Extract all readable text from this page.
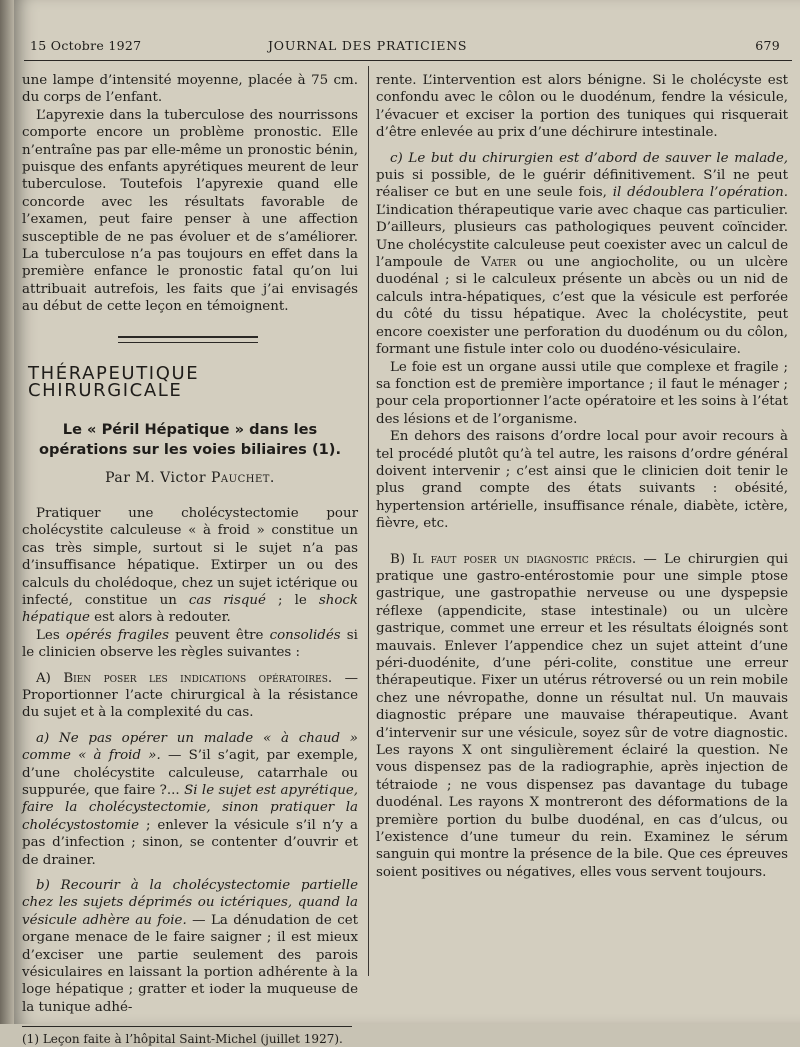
15 Octobre 1927	JOURNAL DES PRATICIENS	679

une lampe d’intensité moyenne, placée à 75 cm. du corps de l’enfant.

L’apyrexie dans la tuberculose des nourrissons comporte encore un problème pronostic. Elle n’entraîne pas par elle-même un pronostic bénin, puisque des enfants apyrétiques meurent de leur tuberculose. Toutefois l’apyrexie quand elle concorde avec les résultats favorable de l’examen, peut faire penser à une affection susceptible de ne pas évoluer et de s’améliorer. La tuberculose n’a pas toujours en effet dans la première enfance le pronostic fatal qu’on lui attribuait autrefois, les faits que j’ai envisagés au début de cette leçon en témoignent.

THÉRAPEUTIQUE CHIRURGICALE
Le « Péril Hépatique » dans les opérations sur les voies biliaires (1).
Par M. Victor Pauchet.

Pratiquer une cholécystectomie pour cholécystite calculeuse « à froid » constitue un cas très simple, surtout si le sujet n’a pas d’insuffisance hépatique. Extirper un ou des calculs du cholédoque, chez un sujet ictérique ou infecté, constitue un cas risqué ; le shock hépatique est alors à redouter.

Les opérés fragiles peuvent être consolidés si le clinicien observe les règles suivantes :

A) Bien poser les indications opératoires. — Proportionner l’acte chirurgical à la résistance du sujet et à la complexité du cas.

a) Ne pas opérer un malade « à chaud » comme « à froid ». — S’il s’agit, par exemple, d’une cholécystite calculeuse, catarrhale ou suppurée, que faire ?... Si le sujet est apyrétique, faire la cholécystectomie, sinon pratiquer la cholécystostomie ; enlever la vésicule s’il n’y a pas d’infection ; sinon, se contenter d’ouvrir et de drainer.

b) Recourir à la cholécystectomie partielle chez les sujets déprimés ou ictériques, quand la vésicule adhère au foie. — La dénudation de cet organe menace de le faire saigner ; il est mieux d’exciser une partie seulement des parois vésiculaires en laissant la portion adhérente à la loge hépatique ; gratter et ioder la muqueuse de la tunique adhé-

(1) Leçon faite à l’hôpital Saint-Michel (juillet 1927).

rente. L’intervention est alors bénigne. Si le cholécyste est confondu avec le côlon ou le duodénum, fendre la vésicule, l’évacuer et exciser la portion des tuniques qui risquerait d’être enlevée au prix d’une déchirure intestinale.

c) Le but du chirurgien est d’abord de sauver le malade, puis si possible, de le guérir définitivement. S’il ne peut réaliser ce but en une seule fois, il dédoublera l’opération. L’indication thérapeutique varie avec chaque cas particulier. D’ailleurs, plusieurs cas pathologiques peuvent coïncider. Une cholécystite calculeuse peut coexister avec un calcul de l’ampoule de Vater ou une angiocholite, ou un ulcère duodénal ; si le calculeux présente un abcès ou un nid de calculs intra-hépatiques, c’est que la vésicule est perforée du côté du tissu hépatique. Avec la cholécystite, peut encore coexister une perforation du duodénum ou du côlon, formant une fistule inter colo ou duodéno-vésiculaire.

Le foie est un organe aussi utile que complexe et fragile ; sa fonction est de première importance ; il faut le ménager ; pour cela proportionner l’acte opératoire et les soins à l’état des lésions et de l’organisme.

En dehors des raisons d’ordre local pour avoir recours à tel procédé plutôt qu’à tel autre, les raisons d’ordre général doivent intervenir ; c’est ainsi que le clinicien doit tenir le plus grand compte des états suivants : obésité, hypertension artérielle, insuffisance rénale, diabète, ictère, fièvre, etc.

B) Il faut poser un diagnostic précis. — Le chirurgien qui pratique une gastro-entérostomie pour une simple ptose gastrique, une gastropathie nerveuse ou une dyspepsie réflexe (appendicite, stase intestinale) ou un ulcère gastrique, commet une erreur et les résultats éloignés sont mauvais. Enlever l’appendice chez un sujet atteint d’une péri-duodénite, d’une péri-colite, constitue une erreur thérapeutique. Fixer un utérus rétroversé ou un rein mobile chez une névropathe, donne un résultat nul. Un mauvais diagnostic prépare une mauvaise thérapeutique. Avant d’intervenir sur une vésicule, soyez sûr de votre diagnostic. Les rayons X ont singulièrement éclairé la question. Ne vous dispensez pas de la radiographie, après injection de tétraiode ; ne vous dispensez pas davantage du tubage duodénal. Les rayons X montreront des déformations de la première portion du bulbe duodénal, en cas d’ulcus, ou l’existence d’une tumeur du rein. Examinez le sérum sanguin qui montre la présence de la bile. Que ces épreuves soient positives ou négatives, elles vous servent toujours.
